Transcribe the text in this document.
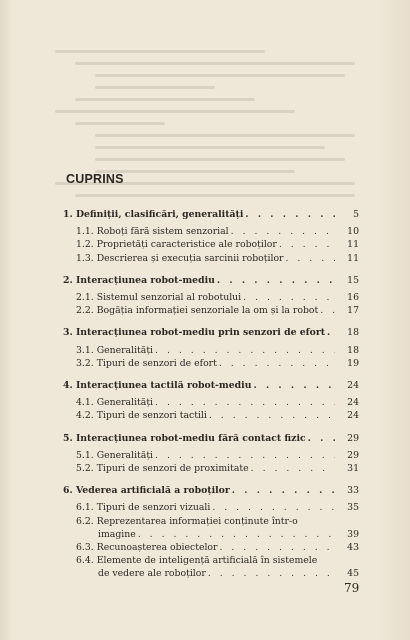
CUPRINS
1. Definiții, clasificări, generalități . . .	5
1.1. Roboți fără sistem senzorial . . .	10
1.2. Proprietăți caracteristice ale roboților . . .	11
1.3. Descrierea și execuția sarcinii roboților . . .	11
2. Interacțiunea robot-mediu . . .	15
2.1. Sistemul senzorial al robotului . . .	16
2.2. Bogăția informației senzoriale la om și la robot . . .	17
3. Interacțiunea robot-mediu prin senzori de efort . . .	18
3.1. Generalități . . .	18
3.2. Tipuri de senzori de efort . . .	19
4. Interacțiunea tactilă robot-mediu . . .	24
4.1. Generalități . . .	24
4.2. Tipuri de senzori tactili . . .	24
5. Interacțiunea robot-mediu fără contact fizic . . .	29
5.1. Generalități . . .	29
5.2. Tipuri de senzori de proximitate . . .	31
6. Vederea artificială a roboților . . .	33
6.1. Tipuri de senzori vizuali . . .	35
6.2. Reprezentarea informației conținute într-o
imagine . . .	39
6.3. Recunoașterea obiectelor . . .	43
6.4. Elemente de inteligență artificială în sistemele
de vedere ale roboților . . .	45
79
